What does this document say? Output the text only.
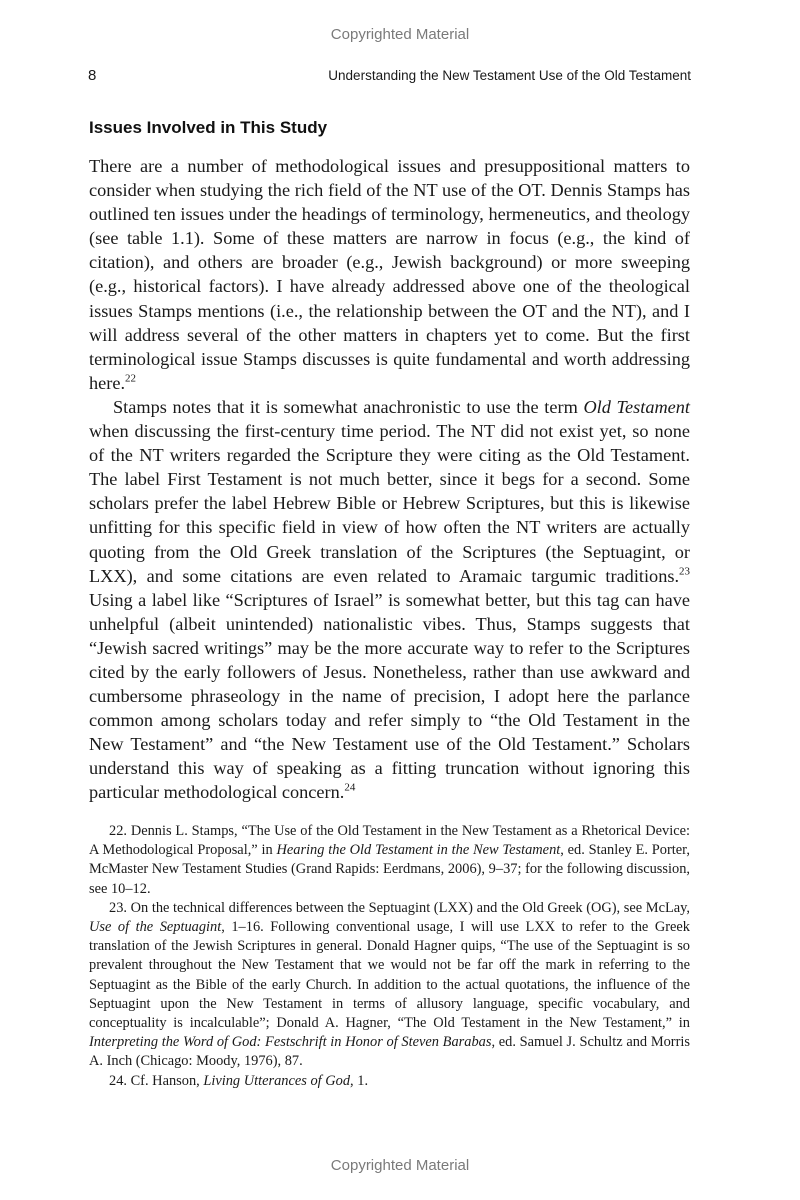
Copyrighted Material
8	Understanding the New Testament Use of the Old Testament
Issues Involved in This Study

There are a number of methodological issues and presuppositional matters to consider when studying the rich field of the NT use of the OT. Dennis Stamps has outlined ten issues under the headings of terminology, hermeneutics, and theology (see table 1.1). Some of these matters are narrow in focus (e.g., the kind of citation), and others are broader (e.g., Jewish background) or more sweeping (e.g., historical factors). I have already addressed above one of the theological issues Stamps mentions (i.e., the relationship between the OT and the NT), and I will address several of the other matters in chapters yet to come. But the first terminological issue Stamps discusses is quite fundamental and worth addressing here.$^{22}$

Stamps notes that it is somewhat anachronistic to use the term Old Testament when discussing the first-century time period. The NT did not exist yet, so none of the NT writers regarded the Scripture they were citing as the Old Testament. The label First Testament is not much better, since it begs for a second. Some scholars prefer the label Hebrew Bible or Hebrew Scriptures, but this is likewise unfitting for this specific field in view of how often the NT writers are actually quoting from the Old Greek translation of the Scriptures (the Septuagint, or LXX), and some citations are even related to Aramaic targumic traditions.$^{23}$ Using a label like “Scriptures of Israel” is somewhat better, but this tag can have unhelpful (albeit unintended) nationalistic vibes. Thus, Stamps suggests that “Jewish sacred writings” may be the more accurate way to refer to the Scriptures cited by the early followers of Jesus. Nonetheless, rather than use awkward and cumbersome phraseology in the name of precision, I adopt here the parlance common among scholars today and refer simply to “the Old Testament in the New Testament” and “the New Testament use of the Old Testament.” Scholars understand this way of speaking as a fitting truncation without ignoring this particular methodological concern.$^{24}$

22. Dennis L. Stamps, “The Use of the Old Testament in the New Testament as a Rhetorical Device: A Methodological Proposal,” in Hearing the Old Testament in the New Testament, ed. Stanley E. Porter, McMaster New Testament Studies (Grand Rapids: Eerdmans, 2006), 9–37; for the following discussion, see 10–12.

23. On the technical differences between the Septuagint (LXX) and the Old Greek (OG), see McLay, Use of the Septuagint, 1–16. Following conventional usage, I will use LXX to refer to the Greek translation of the Jewish Scriptures in general. Donald Hagner quips, “The use of the Septuagint is so prevalent throughout the New Testament that we would not be far off the mark in referring to the Septuagint as the Bible of the early Church. In addition to the actual quotations, the influence of the Septuagint upon the New Testament in terms of allusory language, specific vocabulary, and conceptuality is incalculable”; Donald A. Hagner, “The Old Testament in the New Testament,” in Interpreting the Word of God: Festschrift in Honor of Steven Barabas, ed. Samuel J. Schultz and Morris A. Inch (Chicago: Moody, 1976), 87.

24. Cf. Hanson, Living Utterances of God, 1.

Copyrighted Material
